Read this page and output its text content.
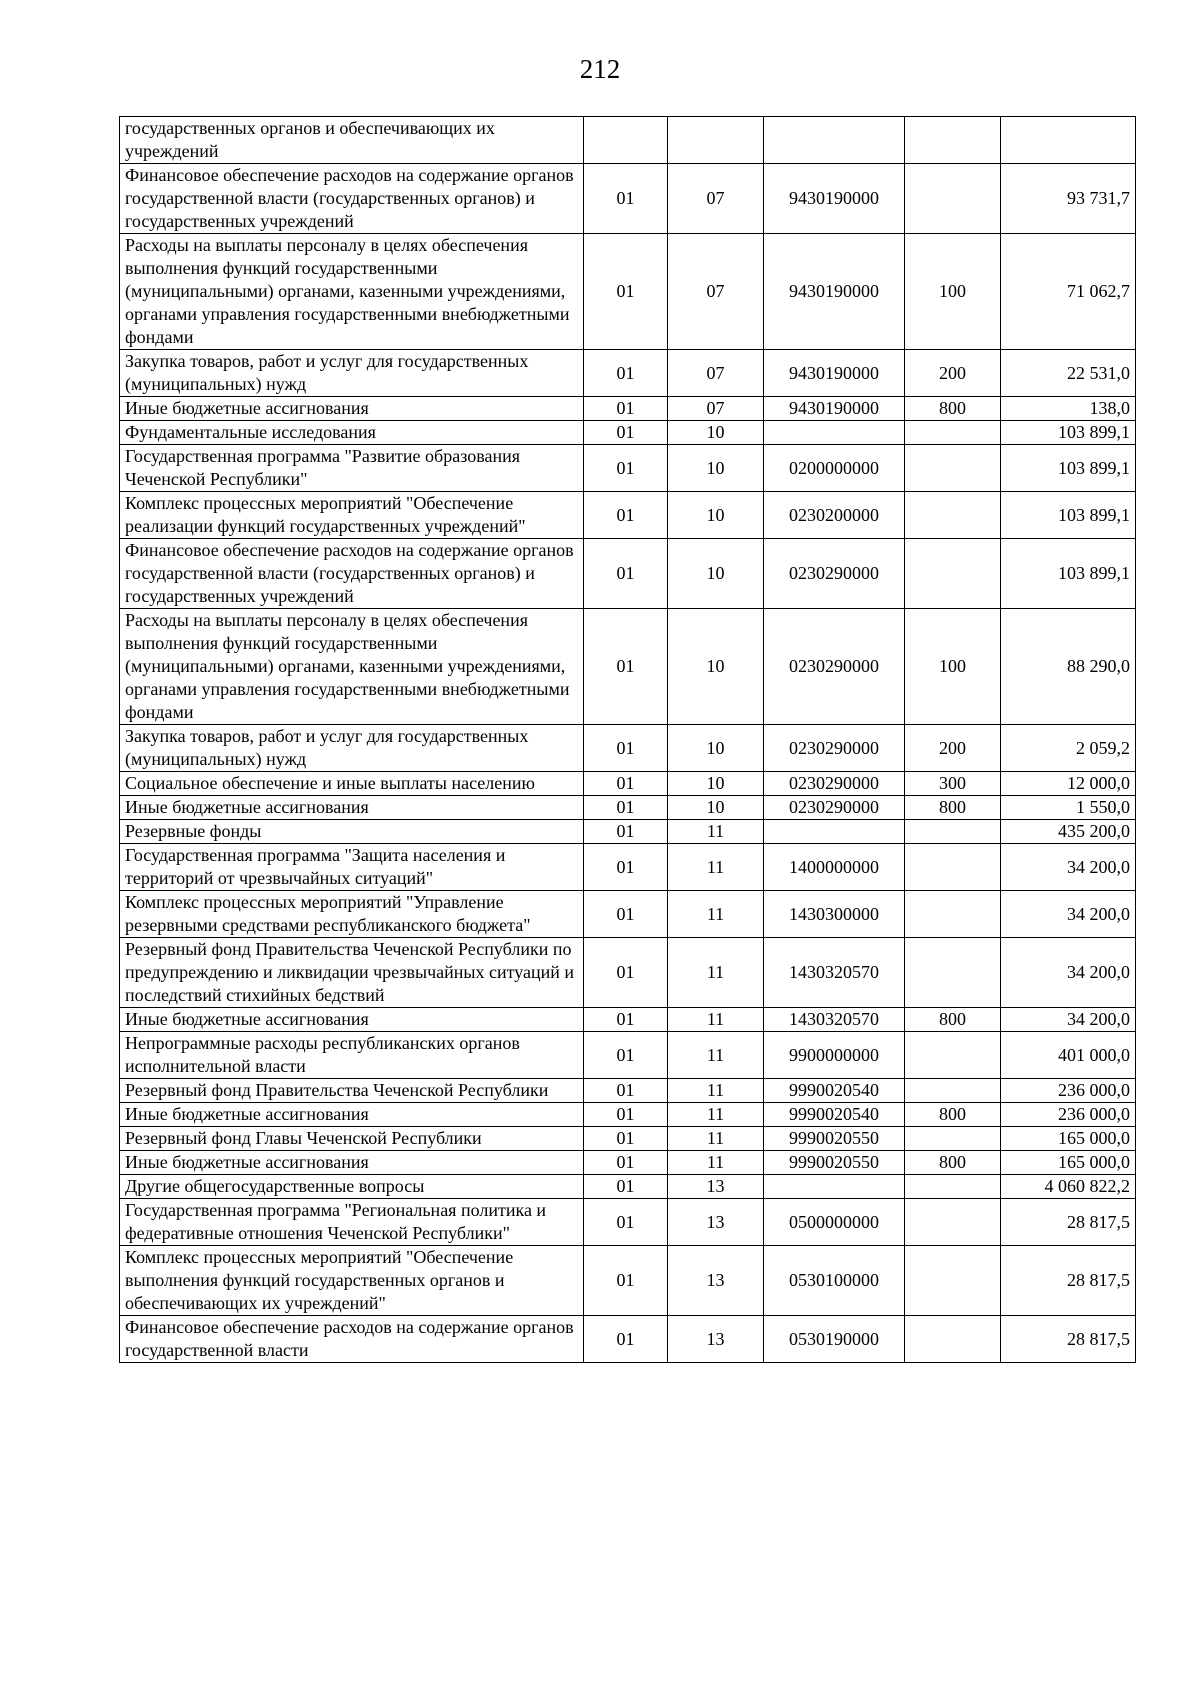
212
государственных органов и обеспечивающих их учреждений					
Финансовое обеспечение расходов на содержание органов государственной власти (государственных органов) и государственных учреждений	01	07	9430190000		93 731,7
Расходы на выплаты персоналу в целях обеспечения выполнения функций государственными (муниципальными) органами, казенными учреждениями, органами управления государственными внебюджетными фондами	01	07	9430190000	100	71 062,7
Закупка товаров, работ и услуг для государственных (муниципальных) нужд	01	07	9430190000	200	22 531,0
Иные бюджетные ассигнования	01	07	9430190000	800	138,0
Фундаментальные исследования	01	10			103 899,1
Государственная программа "Развитие образования Чеченской Республики"	01	10	0200000000		103 899,1
Комплекс процессных мероприятий "Обеспечение реализации функций государственных учреждений"	01	10	0230200000		103 899,1
Финансовое обеспечение расходов на содержание органов государственной власти (государственных органов) и государственных учреждений	01	10	0230290000		103 899,1
Расходы на выплаты персоналу в целях обеспечения выполнения функций государственными (муниципальными) органами, казенными учреждениями, органами управления государственными внебюджетными фондами	01	10	0230290000	100	88 290,0
Закупка товаров, работ и услуг для государственных (муниципальных) нужд	01	10	0230290000	200	2 059,2
Социальное обеспечение и иные выплаты населению	01	10	0230290000	300	12 000,0
Иные бюджетные ассигнования	01	10	0230290000	800	1 550,0
Резервные фонды	01	11			435 200,0
Государственная программа "Защита населения и территорий от чрезвычайных ситуаций"	01	11	1400000000		34 200,0
Комплекс процессных мероприятий "Управление резервными средствами республиканского бюджета"	01	11	1430300000		34 200,0
Резервный фонд Правительства Чеченской Республики по предупреждению и ликвидации чрезвычайных ситуаций и последствий стихийных бедствий	01	11	1430320570		34 200,0
Иные бюджетные ассигнования	01	11	1430320570	800	34 200,0
Непрограммные расходы республиканских органов исполнительной власти	01	11	9900000000		401 000,0
Резервный фонд Правительства Чеченской Республики	01	11	9990020540		236 000,0
Иные бюджетные ассигнования	01	11	9990020540	800	236 000,0
Резервный фонд Главы Чеченской Республики	01	11	9990020550		165 000,0
Иные бюджетные ассигнования	01	11	9990020550	800	165 000,0
Другие общегосударственные вопросы	01	13			4 060 822,2
Государственная программа "Региональная политика и федеративные отношения Чеченской Республики"	01	13	0500000000		28 817,5
Комплекс процессных мероприятий "Обеспечение выполнения функций государственных органов и обеспечивающих их учреждений"	01	13	0530100000		28 817,5
Финансовое обеспечение расходов на содержание органов государственной власти	01	13	0530190000		28 817,5
